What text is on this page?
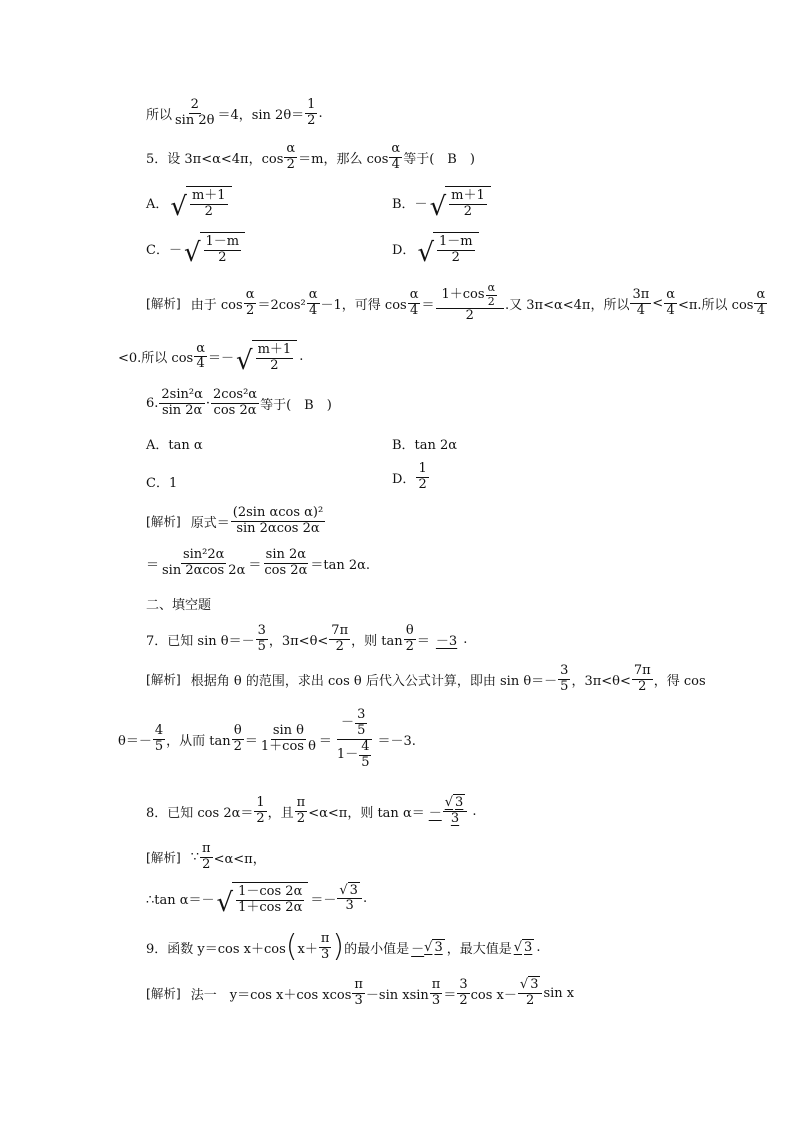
所以
2
sin 2θ ＝4，sin 2θ＝
1
2 .
5．设 3π<α<4π，cos
α
2 ＝m，那么 cos
α
4 等于(　B　)
A． √ m＋1
2	B．－ √ m＋1
2
C．－ √ 1－m
2	D． √ 1－m
2
[解析] 由于 cos
α
2 ＝2cos²
α
4 －1，可得 cos
α
4 ＝
1＋cos α
2
2
.又 3π<α<4π，所以
3π
4 <
α
4 <π.所以 cos
α
4
<0.所以 cos
α
4 ＝－ √ m＋1
2
.
6.
2sin²α
sin 2α ·
2cos²α
cos 2α 等于(　B　)
A．tan α	B．tan 2α
C．1	D．
1
2
[解析] 原式＝
(2sin αcos α)²
sin 2αcos 2α
＝
sin²2α
sin 2αcos 2α ＝
sin 2α
cos 2α ＝tan 2α.
二、填空题
7．已知 sin θ＝－
3
5 ，3π<θ<
7π
2 ，则 tan
θ
2 ＝ －3 .
[解析] 根据角 θ 的范围，求出 cos θ 后代入公式计算，即由 sin θ＝－
3
5 ，3π<θ<
7π
2 ，得 cos
θ＝－
4
5 ，从而 tan
θ
2 ＝
sin θ
1＋cos θ ＝
－
3
5
1－
4
5
＝－3.
8．已知 cos 2α＝
1
2 ，且
π
2 <α<π，则 tan α＝ －
√ 3
3 .
[解析] ∵
π
2 <α<π，
∴tan α＝－ √ 1－cos 2α
1＋cos 2α ＝－
√ 3
3 .
9．函数 y＝cos x＋cos ( x＋
π
3 ) 的最小值是 － √ 3 ，最大值是 √ 3 .
[解析] 法一　y＝cos x＋cos xcos
π
3 －sin xsin
π
3 ＝
3
2 cos x－
√ 3
2 sin x
